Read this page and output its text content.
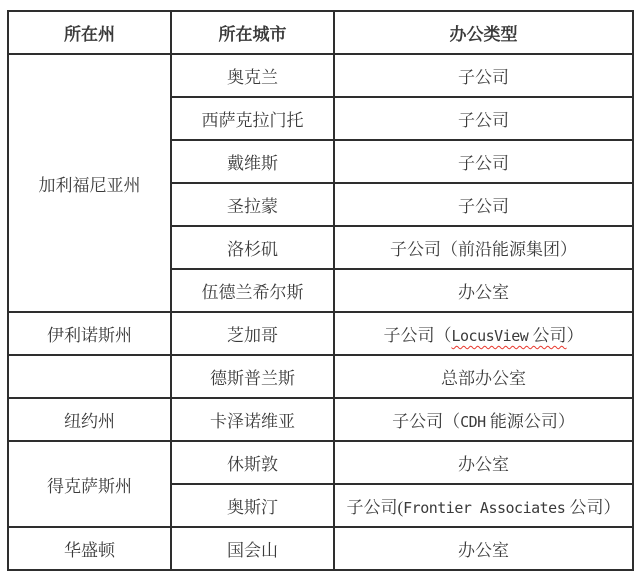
所在州	所在城市	办公类型
加利福尼亚州	奥克兰	子公司
	西萨克拉门托	子公司
	戴维斯	子公司
	圣拉蒙	子公司
	洛杉矶	子公司（前沿能源集团）
	伍德兰希尔斯	办公室
伊利诺斯州	芝加哥	子公司（LocusView 公司）
	德斯普兰斯	总部办公室
纽约州	卡泽诺维亚	子公司（CDH 能源公司）
得克萨斯州	休斯敦	办公室
	奥斯汀	子公司(Frontier Associates 公司）
华盛顿	国会山	办公室
